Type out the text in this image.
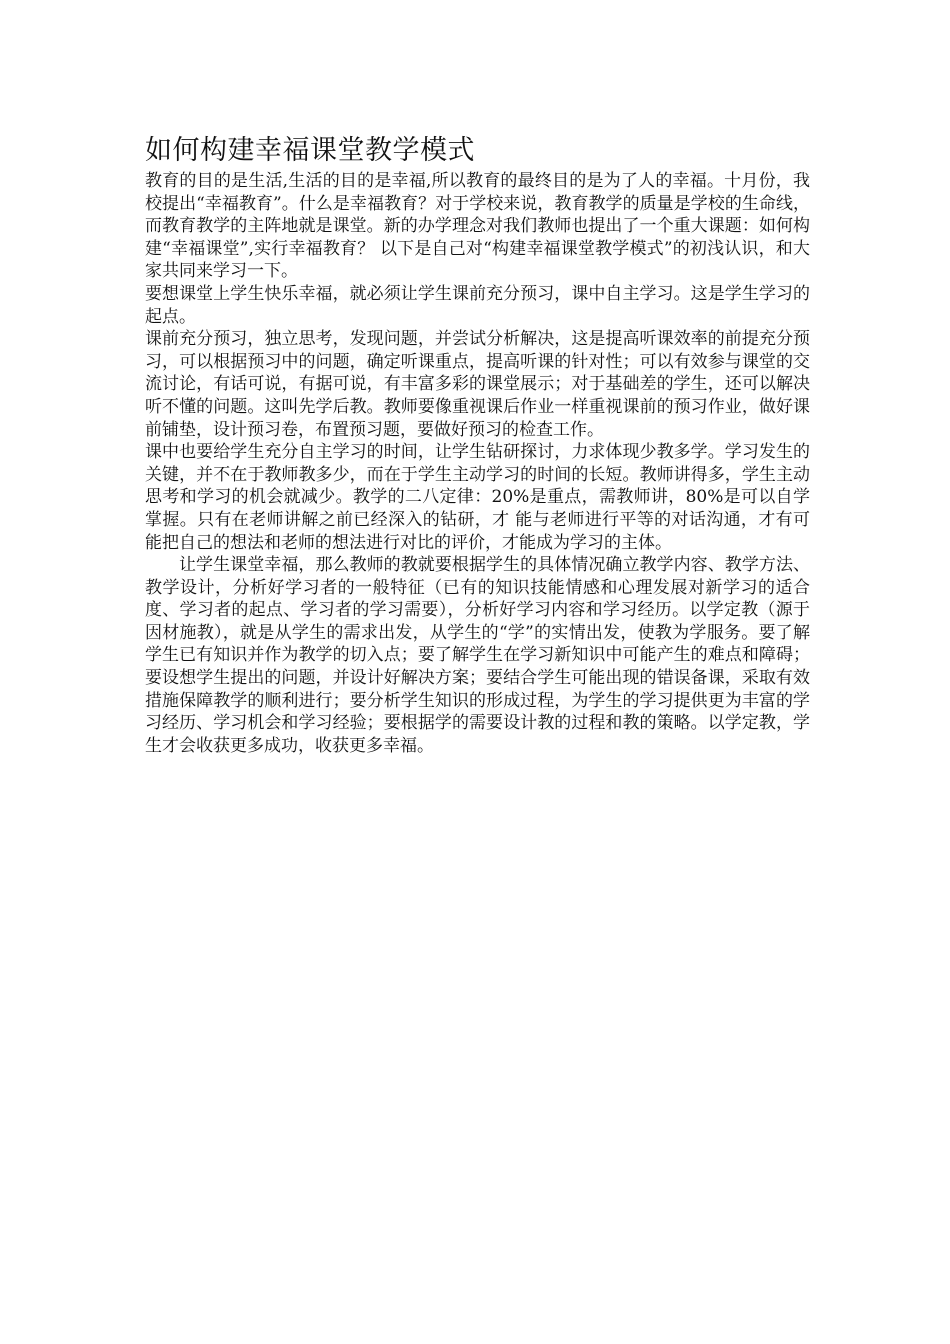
如何构建幸福课堂教学模式

教育的目的是生活,生活的目的是幸福,所以教育的最终目的是为了人的幸福。十月份，我校提出“幸福教育”。什么是幸福教育？对于学校来说，教育教学的质量是学校的生命线，而教育教学的主阵地就是课堂。新的办学理念对我们教师也提出了一个重大课题：如何构建“幸福课堂”,实行幸福教育？ 以下是自己对“构建幸福课堂教学模式”的初浅认识，和大家共同来学习一下。

要想课堂上学生快乐幸福，就必须让学生课前充分预习，课中自主学习。这是学生学习的起点。

课前充分预习，独立思考，发现问题，并尝试分析解决，这是提高听课效率的前提充分预习，可以根据预习中的问题，确定听课重点，提高听课的针对性；可以有效参与课堂的交流讨论，有话可说，有据可说，有丰富多彩的课堂展示；对于基础差的学生，还可以解决听不懂的问题。这叫先学后教。教师要像重视课后作业一样重视课前的预习作业，做好课前铺垫，设计预习卷，布置预习题，要做好预习的检查工作。

课中也要给学生充分自主学习的时间，让学生钻研探讨，力求体现少教多学。学习发生的关键，并不在于教师教多少，而在于学生主动学习的时间的长短。教师讲得多，学生主动思考和学习的机会就减少。教学的二八定律：20%是重点，需教师讲，80%是可以自学掌握。只有在老师讲解之前已经深入的钻研，才 能与老师进行平等的对话沟通，才有可能把自己的想法和老师的想法进行对比的评价，才能成为学习的主体。

让学生课堂幸福，那么教师的教就要根据学生的具体情况确立教学内容、教学方法、教学设计，分析好学习者的一般特征（已有的知识技能情感和心理发展对新学习的适合度、学习者的起点、学习者的学习需要），分析好学习内容和学习经历。以学定教（源于因材施教），就是从学生的需求出发，从学生的“学”的实情出发，使教为学服务。要了解学生已有知识并作为教学的切入点；要了解学生在学习新知识中可能产生的难点和障碍；要设想学生提出的问题，并设计好解决方案；要结合学生可能出现的错误备课，采取有效措施保障教学的顺利进行；要分析学生知识的形成过程，为学生的学习提供更为丰富的学习经历、学习机会和学习经验；要根据学的需要设计教的过程和教的策略。以学定教，学生才会收获更多成功，收获更多幸福。
